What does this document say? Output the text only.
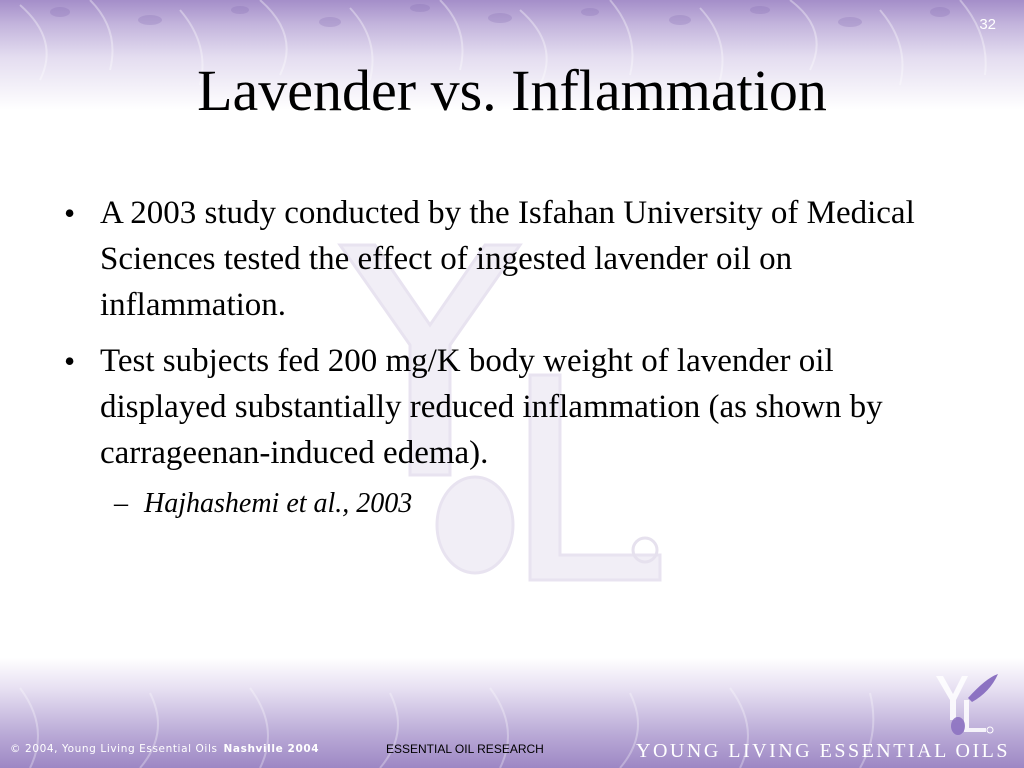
32
Lavender vs. Inflammation
• A 2003 study conducted by the Isfahan University of Medical Sciences tested the effect of ingested lavender oil on inflammation.
• Test subjects fed 200 mg/K body weight of lavender oil displayed substantially reduced inflammation (as shown by carrageenan-induced edema).
– Hajhashemi et al., 2003
© 2004, Young Living Essential Oils Nashville 2004	ESSENTIAL OIL RESEARCH	YOUNG LIVING ESSENTIAL OILS
